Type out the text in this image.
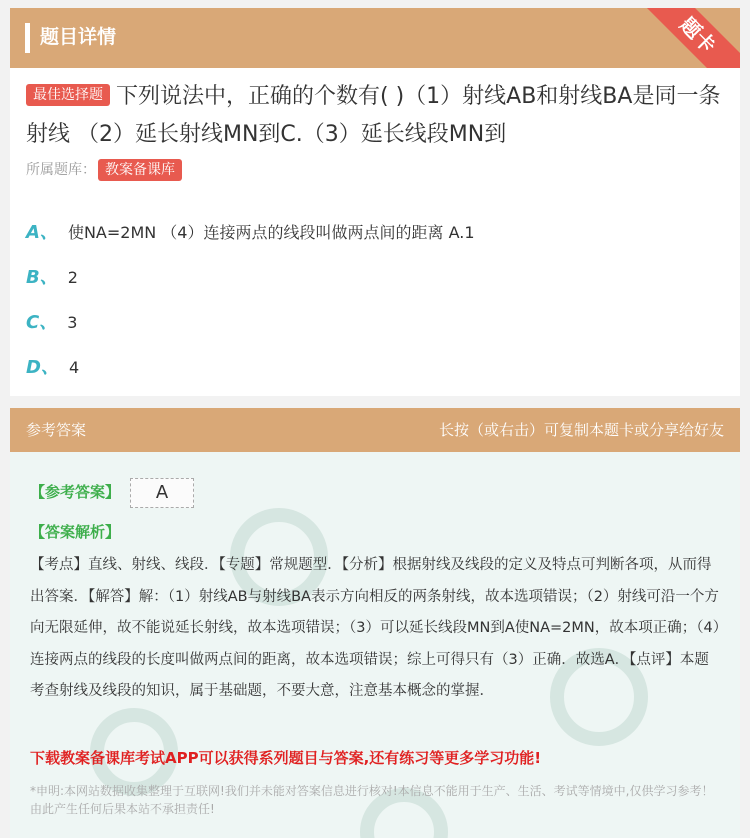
题目详情	题卡
最佳选择题 下列说法中，正确的个数有( )（1）射线AB和射线BA是同一条射线 （2）延长射线MN到C.（3）延长线段MN到
所属题库： 教案备课库
A、 使NA=2MN （4）连接两点的线段叫做两点间的距离 A.1
B、 2
C、 3
D、 4
参考答案	长按（或右击）可复制本题卡或分享给好友
【参考答案】	A
【答案解析】
【考点】直线、射线、线段．【专题】常规题型．【分析】根据射线及线段的定义及特点可判断各项，从而得出答案．【解答】解：（1）射线AB与射线BA表示方向相反的两条射线，故本选项错误；（2）射线可沿一个方向无限延伸，故不能说延长射线，故本选项错误；（3）可以延长线段MN到A使NA=2MN，故本项正确；（4）连接两点的线段的长度叫做两点间的距离，故本选项错误；综上可得只有（3）正确．故选A．【点评】本题考查射线及线段的知识，属于基础题，不要大意，注意基本概念的掌握．
下载教案备课库考试APP可以获得系列题目与答案,还有练习等更多学习功能!
*申明:本网站数据收集整理于互联网!我们并未能对答案信息进行核对!本信息不能用于生产、生活、考试等情境中,仅供学习参考！由此产生任何后果本站不承担责任!
